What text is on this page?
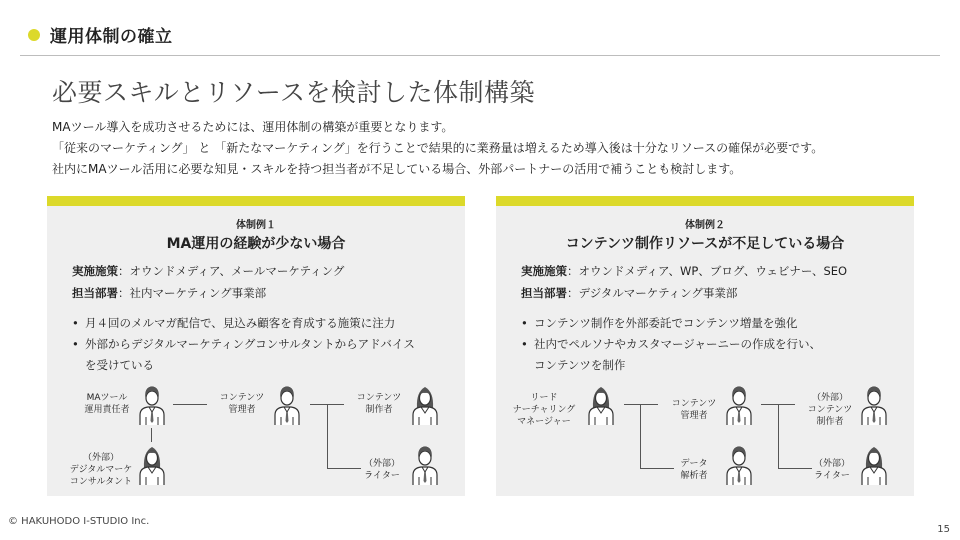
運用体制の確立
必要スキルとリソースを検討した体制構築

MAツール導入を成功させるためには、運用体制の構築が重要となります。

「従来のマーケティング」 と 「新たなマーケティング」を行うことで結果的に業務量は増えるため導入後は十分なリソースの確保が必要です。

社内にMAツール活用に必要な知見・スキルを持つ担当者が不足している場合、外部パートナーの活用で補うことも検討します。

体制例１
MA運用の経験が少ない場合
実施施策：オウンドメディア、メールマーケティング
担当部署：社内マーケティング事業部
• 月４回のメルマガ配信で、見込み顧客を育成する施策に注力
• 外部からデジタルマーケティングコンサルタントからアドバイス
を受けている
MAツール
運用責任者
コンテンツ
管理者
コンテンツ
制作者
（外部）
デジタルマーケ
コンサルタント
（外部）
ライター
体制例２
コンテンツ制作リソースが不足している場合
実施施策：オウンドメディア、WP、ブログ、ウェビナー、SEO
担当部署：デジタルマーケティング事業部
• コンテンツ制作を外部委託でコンテンツ増量を強化
• 社内でペルソナやカスタマージャーニーの作成を行い、
コンテンツを制作
リード
ナーチャリング
マネージャー
コンテンツ
管理者
（外部）
コンテンツ
制作者
データ
解析者
（外部）
ライター
© HAKUHODO I-STUDIO Inc.
15
